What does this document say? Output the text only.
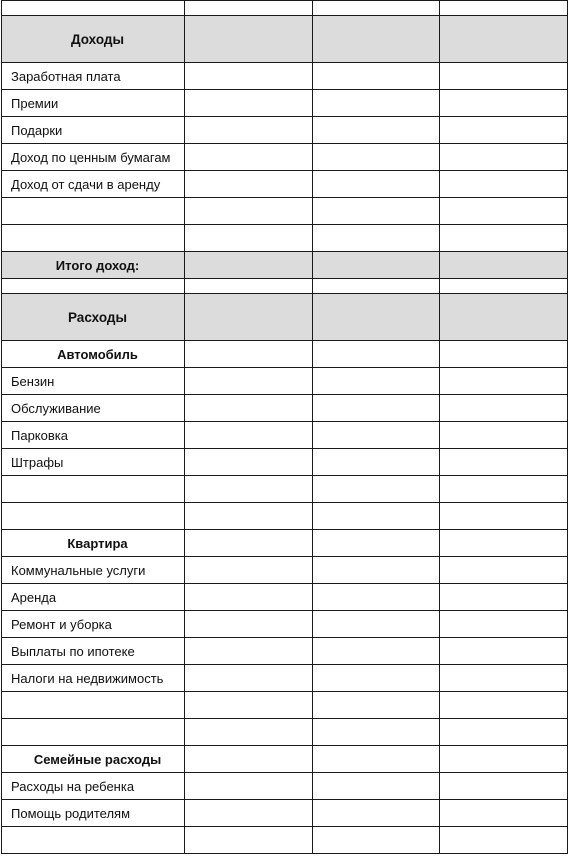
Доходы			
Заработная плата			
Премии			
Подарки			
Доход по ценным бумагам			
Доход от сдачи в аренду			

Итого доход:			

Расходы			
Автомобиль			
Бензин			
Обслуживание			
Парковка			
Штрафы			

Квартира			
Коммунальные услуги			
Аренда			
Ремонт и уборка			
Выплаты по ипотеке			
Налоги на недвижимость			

Семейные расходы			
Расходы на ребенка			
Помощь родителям			
